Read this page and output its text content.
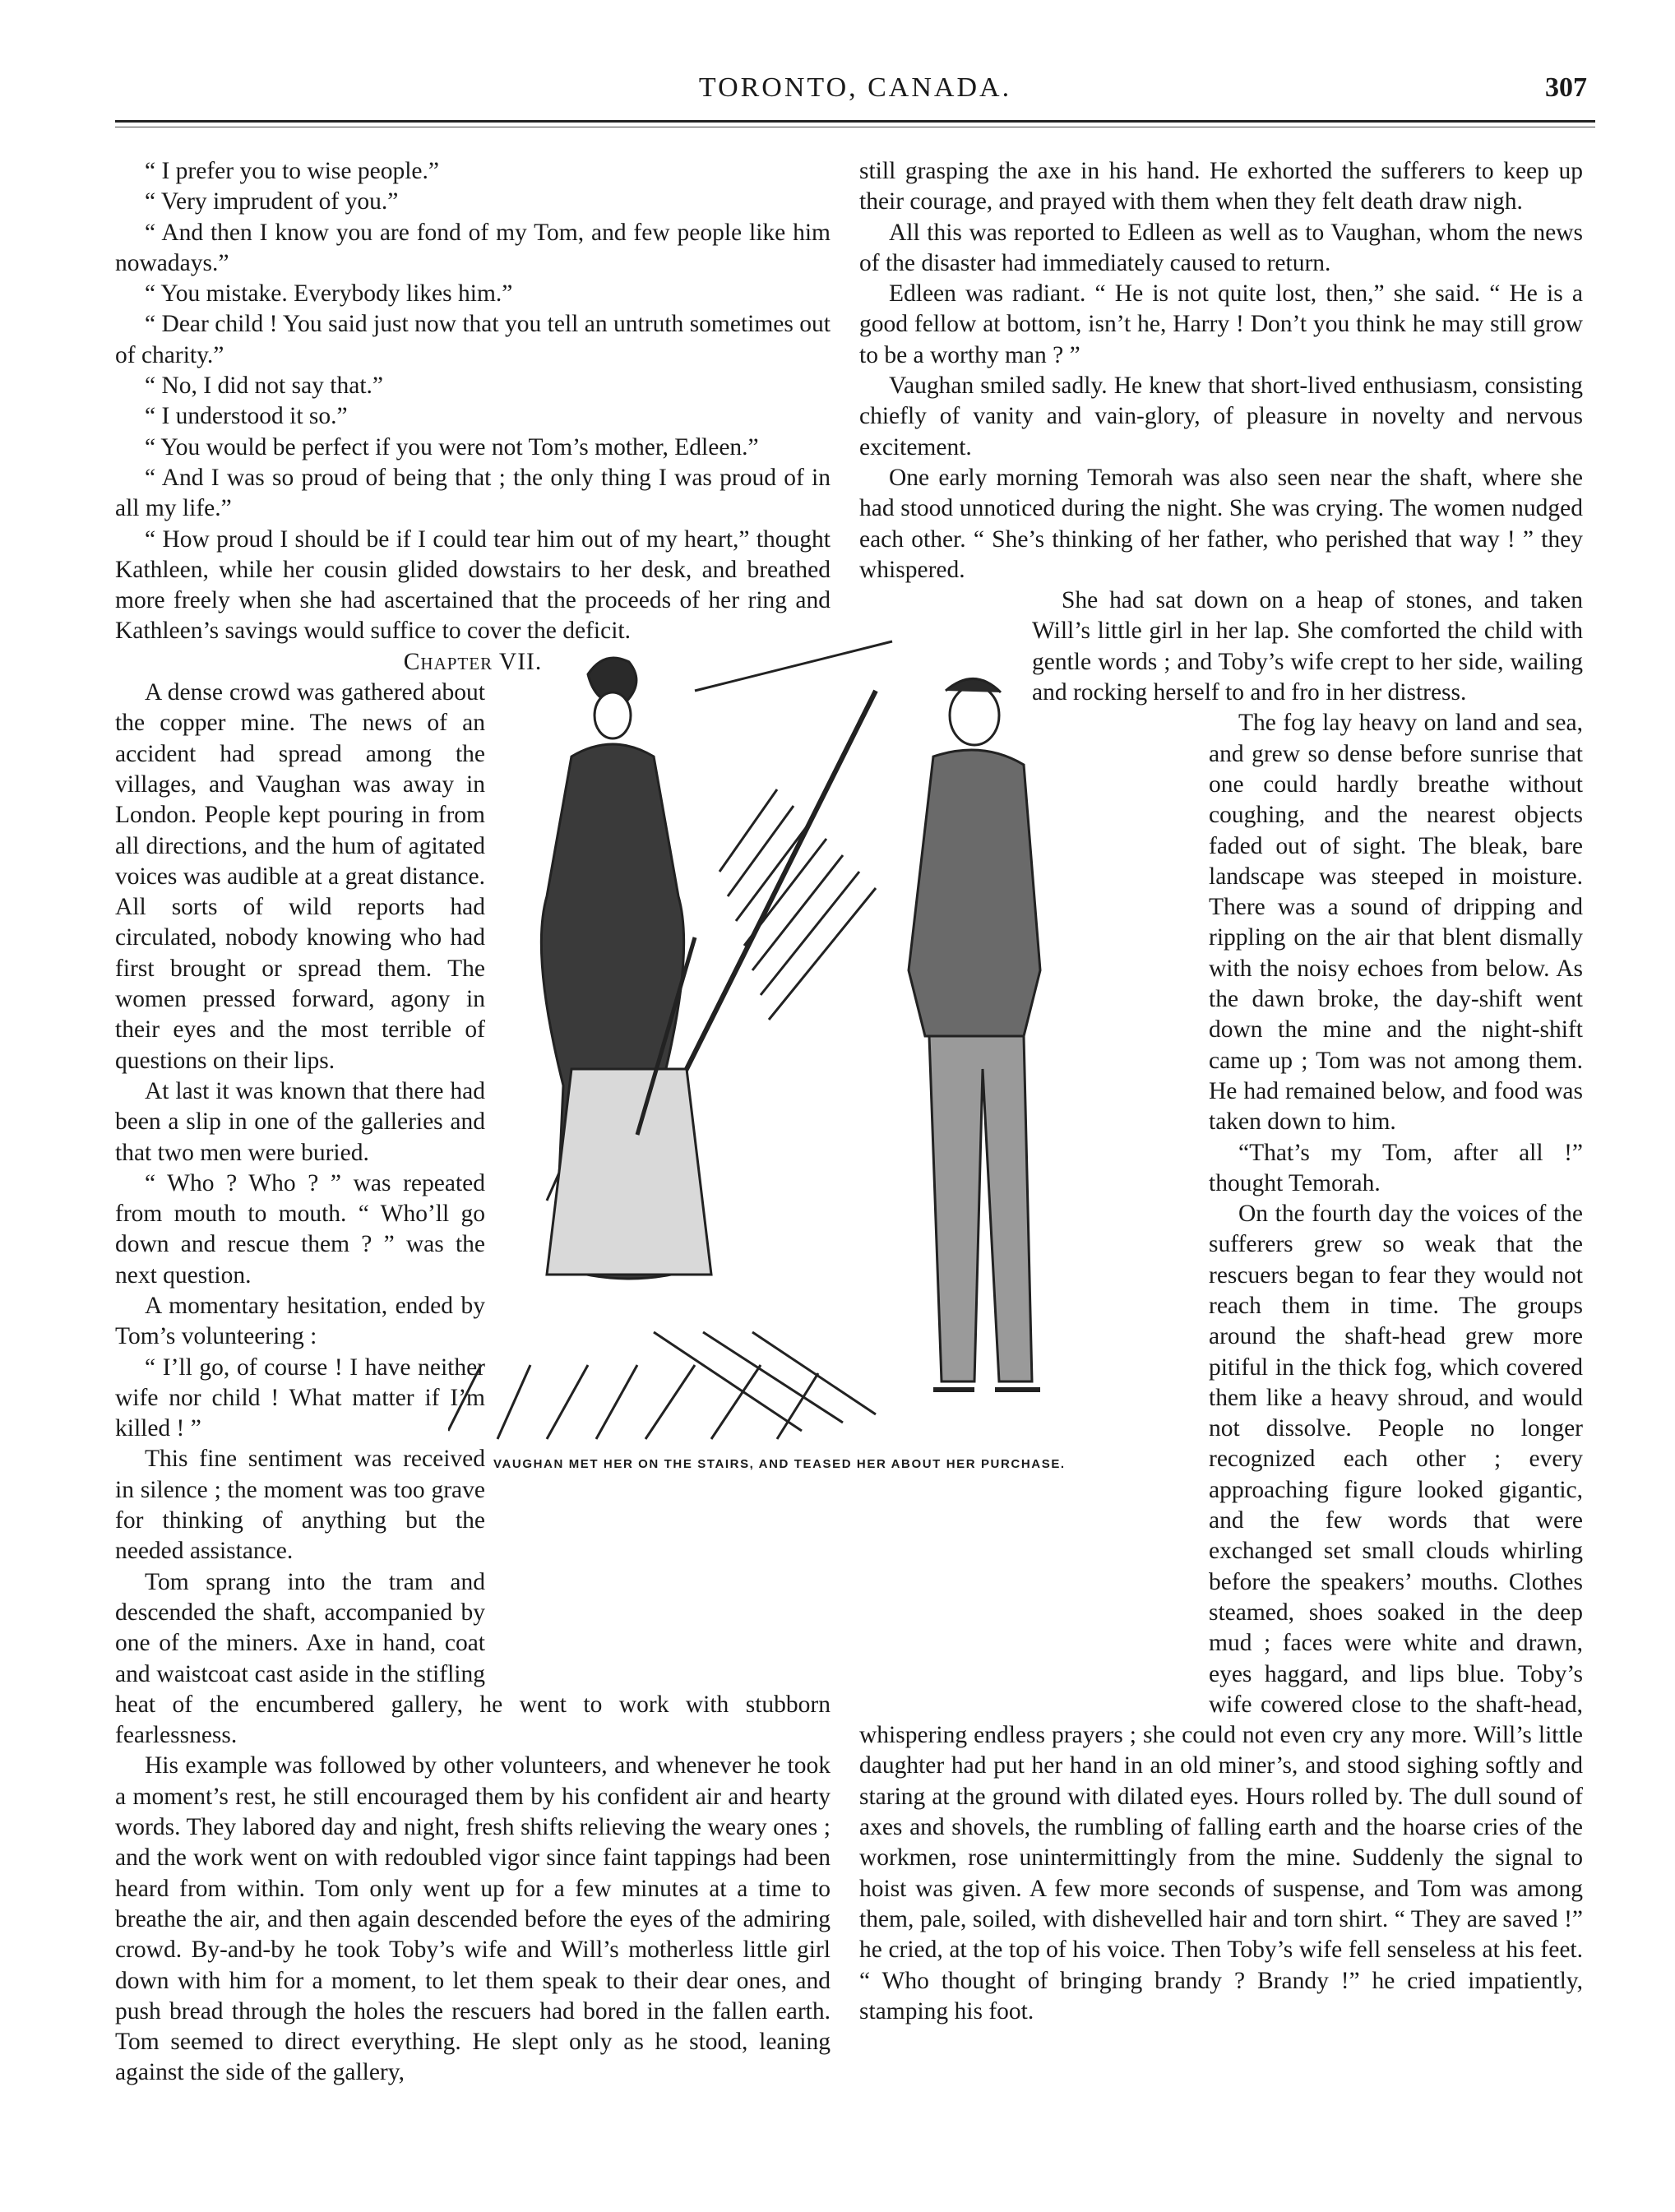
TORONTO, CANADA.	307

“ I prefer you to wise people.”

“ Very imprudent of you.”

“ And then I know you are fond of my Tom, and few people like him nowadays.”

“ You mistake. Everybody likes him.”

“ Dear child ! You said just now that you tell an untruth sometimes out of charity.”

“ No, I did not say that.”

“ I understood it so.”

“ You would be perfect if you were not Tom’s mother, Edleen.”

“ And I was so proud of being that ; the only thing I was proud of in all my life.”

“ How proud I should be if I could tear him out of my heart,” thought Kathleen, while her cousin glided dowstairs to her desk, and breathed more freely when she had ascertained that the proceeds of her ring and Kathleen’s savings would suffice to cover the deficit.

Chapter VII.

A dense crowd was gathered about the copper mine. The news of an accident had spread among the villages, and Vaughan was away in London. People kept pouring in from all directions, and the hum of agitated voices was audible at a great distance. All sorts of wild reports had circulated, nobody knowing who had first brought or spread them. The women pressed forward, agony in their eyes and the most terrible of questions on their lips.

At last it was known that there had been a slip in one of the galleries and that two men were buried.

“ Who ? Who ? ” was repeated from mouth to mouth. “ Who’ll go down and rescue them ? ” was the next question.

A momentary hesitation, ended by Tom’s volunteering :

“ I’ll go, of course ! I have neither wife nor child ! What matter if I’m killed ! ”

This fine sentiment was received in silence ; the moment was too grave for thinking of anything but the needed assistance.

Tom sprang into the tram and descended the shaft, accompanied by one of the miners. Axe in hand, coat and waistcoat cast aside in the stifling heat of the encumbered gallery, he went to work with stubborn fearlessness.

His example was followed by other volunteers, and whenever he took a moment’s rest, he still encouraged them by his confident air and hearty words. They labored day and night, fresh shifts relieving the weary ones ; and the work went on with redoubled vigor since faint tappings had been heard from within. Tom only went up for a few minutes at a time to breathe the air, and then again descended before the eyes of the admiring crowd. By-and-by he took Toby’s wife and Will’s motherless little girl down with him for a moment, to let them speak to their dear ones, and push bread through the holes the rescuers had bored in the fallen earth. Tom seemed to direct everything. He slept only as he stood, leaning against the side of the gallery,

still grasping the axe in his hand. He exhorted the sufferers to keep up their courage, and prayed with them when they felt death draw nigh.

All this was reported to Edleen as well as to Vaughan, whom the news of the disaster had immediately caused to return.

Edleen was radiant. “ He is not quite lost, then,” she said. “ He is a good fellow at bottom, isn’t he, Harry ! Don’t you think he may still grow to be a worthy man ? ”

Vaughan smiled sadly. He knew that short-lived enthusiasm, consisting chiefly of vanity and vain-glory, of pleasure in novelty and nervous excitement.

One early morning Temorah was also seen near the shaft, where she had stood unnoticed during the night. She was crying. The women nudged each other. “ She’s thinking of her father, who perished that way ! ” they whispered.

She had sat down on a heap of stones, and taken Will’s little girl in her lap. She comforted the child with gentle words ; and Toby’s wife crept to her side, wailing and rocking herself to and fro in her distress.

The fog lay heavy on land and sea, and grew so dense before sunrise that one could hardly breathe without coughing, and the nearest objects faded out of sight. The bleak, bare landscape was steeped in moisture. There was a sound of dripping and rippling on the air that blent dismally with the noisy echoes from below. As the dawn broke, the day-shift went down the mine and the night-shift came up ; Tom was not among them. He had remained below, and food was taken down to him.

“That’s my Tom, after all !” thought Temorah.

On the fourth day the voices of the sufferers grew so weak that the rescuers began to fear they would not reach them in time. The groups around the shaft-head grew more pitiful in the thick fog, which covered them like a heavy shroud, and would not dissolve. People no longer recognized each other ; every approaching figure looked gigantic, and the few words that were exchanged set small clouds whirling before the speakers’ mouths. Clothes steamed, shoes soaked in the deep mud ; faces were white and drawn, eyes haggard, and lips blue. Toby’s wife cowered close to the shaft-head, whispering endless prayers ; she could not even cry any more. Will’s little daughter had put her hand in an old miner’s, and stood sighing softly and staring at the ground with dilated eyes. Hours rolled by. The dull sound of axes and shovels, the rumbling of falling earth and the hoarse cries of the workmen, rose unintermittingly from the mine. Suddenly the signal to hoist was given. A few more seconds of suspense, and Tom was among them, pale, soiled, with dishevelled hair and torn shirt. “ They are saved !” he cried, at the top of his voice. Then Toby’s wife fell senseless at his feet. “ Who thought of bringing brandy ? Brandy !” he cried impatiently, stamping his foot.

VAUGHAN MET HER ON THE STAIRS, AND TEASED HER ABOUT HER PURCHASE.
